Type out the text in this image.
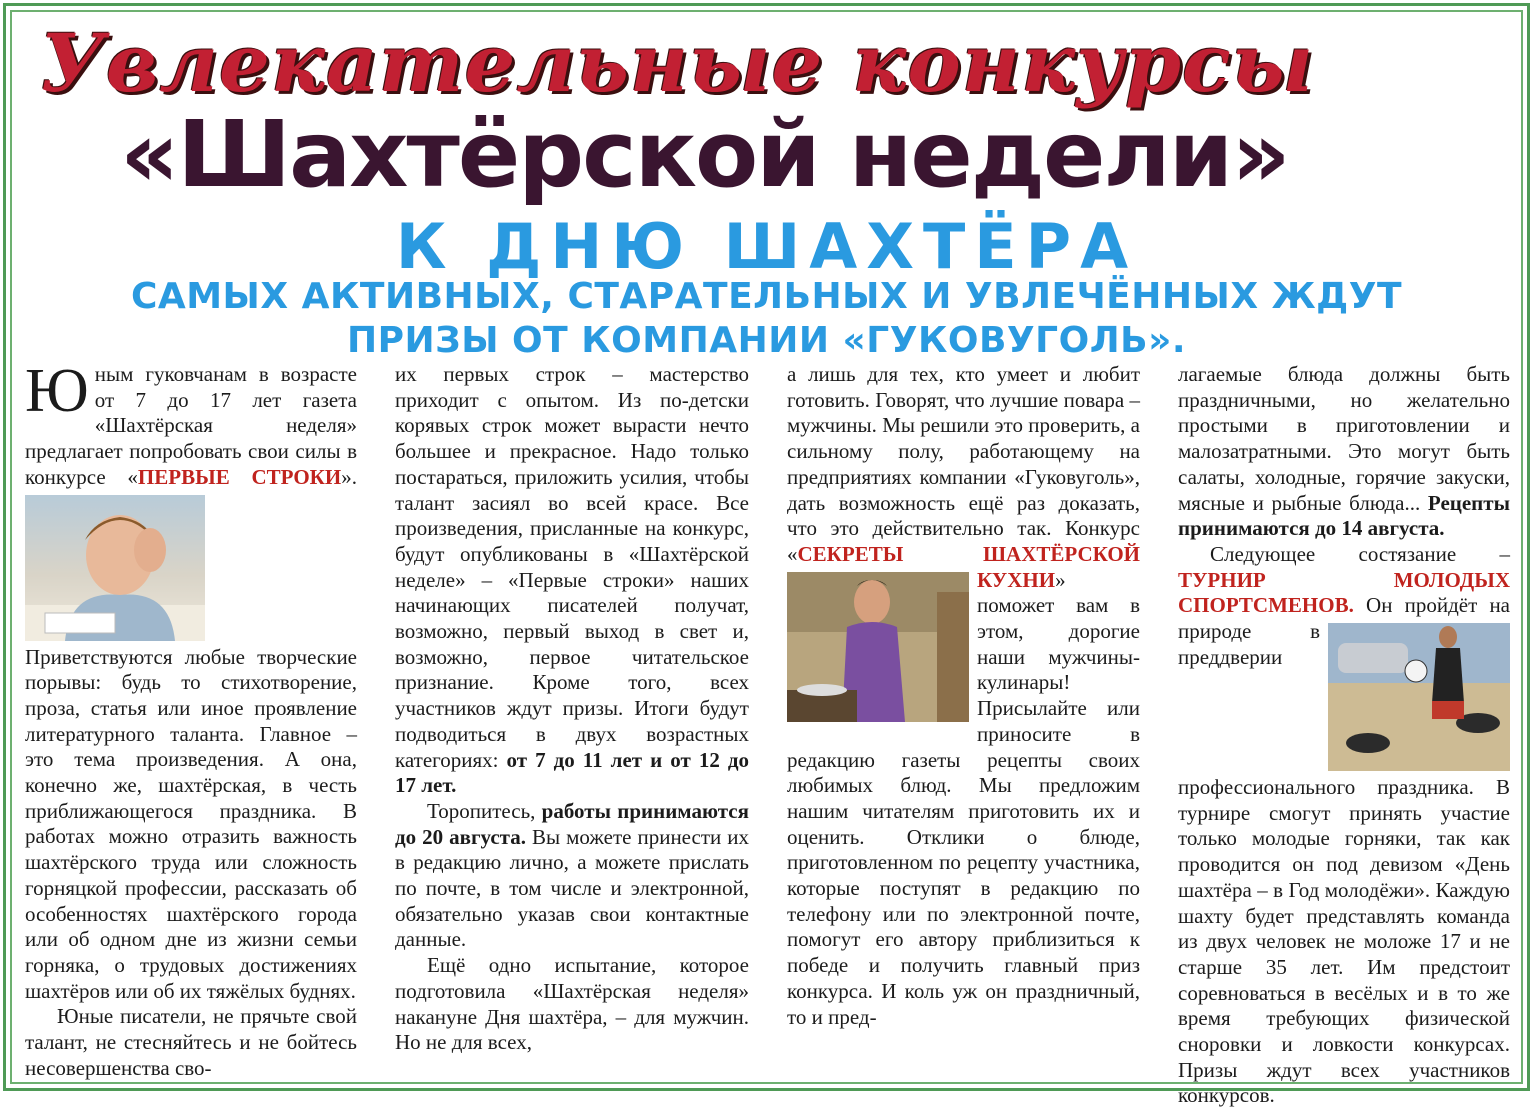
Увлекательные конкурсы
«Шахтёрской недели»
К ДНЮ ШАХТЁРА
САМЫХ АКТИВНЫХ, СТАРАТЕЛЬНЫХ И УВЛЕЧЁННЫХ ЖДУТ
ПРИЗЫ ОТ КОМПАНИИ «ГУКОВУГОЛЬ».

Юным гуковчанам в возрасте от 7 до 17 лет газета «Шахтёрская неделя» предлагает попробовать свои силы в конкурсе «ПЕРВЫЕ СТРОКИ
». Приветствуются любые творческие порывы: будь то стихотворение, проза, статья или иное проявление литературного таланта. Главное – это тема произведения. А она, конечно же, шахтёрская, в честь приближающегося праздника. В работах можно отразить важность шахтёрского труда или сложность горняцкой профессии, рассказать об особенностях шахтёрского города или об одном дне из жизни семьи горняка, о трудовых достижениях шахтёров или об их тяжёлых буднях.

Юные писатели, не прячьте свой талант, не стесняйтесь и не бойтесь несовершенства сво-

их первых строк – мастерство приходит с опытом. Из по-детски корявых строк может вырасти нечто большее и прекрасное. Надо только постараться, приложить усилия, чтобы талант засиял во всей красе. Все произведения, присланные на конкурс, будут опубликованы в «Шахтёрской неделе» – «Первые строки» наших начинающих писателей получат, возможно, первый выход в свет и, возможно, первое читательское признание. Кроме того, всех участников ждут призы. Итоги будут подводиться в двух возрастных категориях: от 7 до 11 лет и от 12 до 17 лет.

Торопитесь, работы принимаются до 20 августа. Вы можете принести их в редакцию лично, а можете прислать по почте, в том числе и электронной, обязательно указав свои контактные данные.

Ещё одно испытание, которое подготовила «Шахтёрская неделя» накануне Дня шахтёра, – для мужчин. Но не для всех,

а лишь для тех, кто умеет и любит готовить. Говорят, что лучшие повара – мужчины. Мы решили это проверить, а сильному полу, работающему на предприятиях компании «Гуковуголь», дать возможность ещё раз доказать, что это действительно так. Конкурс «СЕКРЕТЫ ШАХТЁРСКОЙ КУХНИ
» поможет вам в этом, дорогие наши мужчины-кулинары! Присылайте или приносите в редакцию газеты рецепты своих любимых блюд. Мы предложим нашим читателям приготовить их и оценить. Отклики о блюде, приготовленном по рецепту участника, которые поступят в редакцию по телефону или по электронной почте, помогут его автору приблизиться к победе и получить главный приз конкурса. И коль уж он праздничный, то и пред-

лагаемые блюда должны быть праздничными, но желательно простыми в приготовлении и малозатратными. Это могут быть салаты, холодные, горячие закуски, мясные и рыбные блюда... Рецепты принимаются до 14 августа.

Следующее состязание – ТУРНИР МОЛОДЫХ СПОРТСМЕНОВ.
Он пройдёт на природе в преддверии профессионального праздника. В турнире смогут принять участие только молодые горняки, так как проводится он под девизом «День шахтёра – в Год молодёжи». Каждую шахту будет представлять команда из двух человек не моложе 17 и не старше 35 лет. Им предстоит соревноваться в весёлых и в то же время требующих физической сноровки и ловкости конкурсах. Призы ждут всех участников конкурсов.
